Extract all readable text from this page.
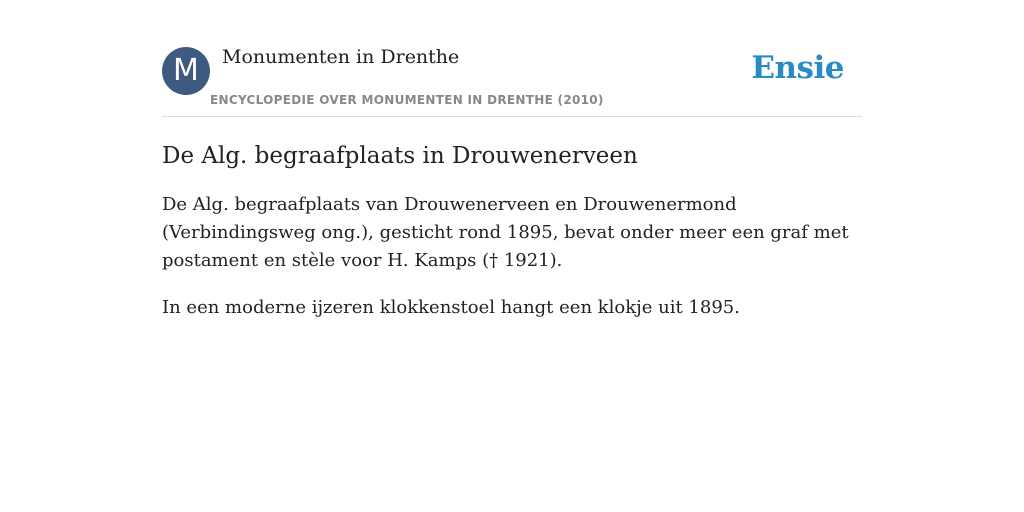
M	Monumenten in Drenthe
ENCYCLOPEDIE OVER MONUMENTEN IN DRENTHE (2010)
Ensie
De Alg. begraafplaats in Drouwenerveen

De Alg. begraafplaats van Drouwenerveen en Drouwenermond (Verbindingsweg ong.), gesticht rond 1895, bevat onder meer een graf met postament en stèle voor H. Kamps († 1921).

In een moderne ijzeren klokkenstoel hangt een klokje uit 1895.
